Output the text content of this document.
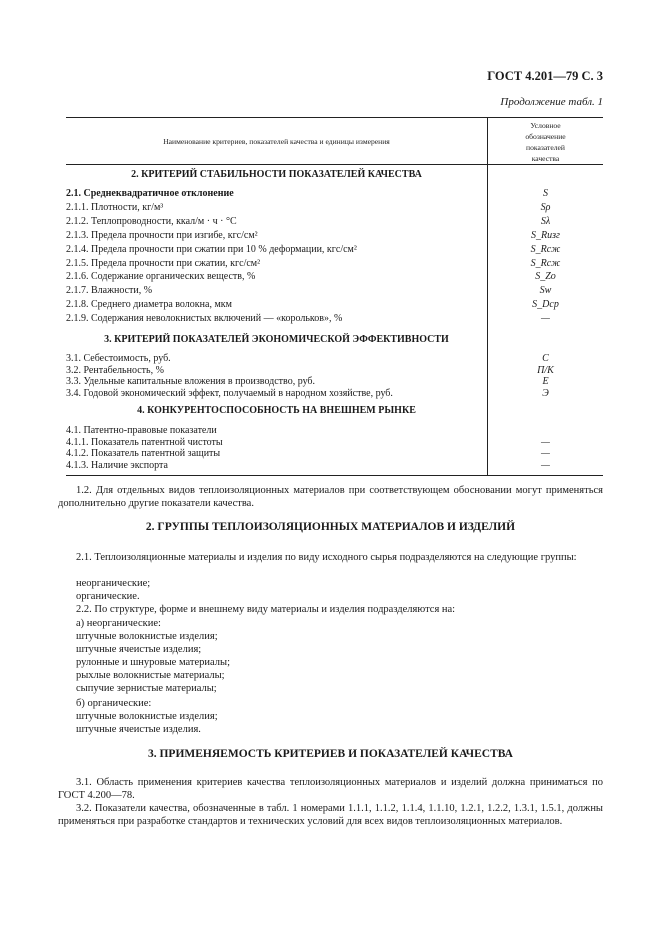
ГОСТ 4.201—79 С. 3
Продолжение табл. 1
Наименование критериев, показателей качества и единицы измерения
Условное
обозначение
показателей
качества
2. КРИТЕРИЙ СТАБИЛЬНОСТИ ПОКАЗАТЕЛЕЙ КАЧЕСТВА
2.1. Среднеквадратичное отклонение	S
2.1.1. Плотности, кг/м³	Sρ
2.1.2. Теплопроводности, ккал/м · ч · °С	Sλ
2.1.3. Предела прочности при изгибе, кгс/см²	S_Rизг
2.1.4. Предела прочности при сжатии при 10 % деформации, кгс/см²	S_Rсж
2.1.5. Предела прочности при сжатии, кгс/см²	S_Rсж
2.1.6. Содержание органических веществ, %	S_Zо
2.1.7. Влажности, %	Sw
2.1.8. Среднего диаметра волокна, мкм	S_Dср
2.1.9. Содержания неволокнистых включений — «корольков», %	—
3. КРИТЕРИЙ ПОКАЗАТЕЛЕЙ ЭКОНОМИЧЕСКОЙ ЭФФЕКТИВНОСТИ
3.1. Себестоимость, руб.	С
3.2. Рентабельность, %	П/К
3.3. Удельные капитальные вложения в производство, руб.	Е
3.4. Годовой экономический эффект, получаемый в народном хозяйстве, руб.	Э
4. КОНКУРЕНТОСПОСОБНОСТЬ НА ВНЕШНЕМ РЫНКЕ
4.1. Патентно-правовые показатели
4.1.1. Показатель патентной чистоты	—
4.1.2. Показатель патентной защиты	—
4.1.3. Наличие экспорта	—
1.2. Для отдельных видов теплоизоляционных материалов при соответствующем обосновании могут применяться дополнительно другие показатели качества.
2. ГРУППЫ ТЕПЛОИЗОЛЯЦИОННЫХ МАТЕРИАЛОВ И ИЗДЕЛИЙ
2.1. Теплоизоляционные материалы и изделия по виду исходного сырья подразделяются на следующие группы:
неорганические;
органические.
2.2. По структуре, форме и внешнему виду материалы и изделия подразделяются на:
а) неорганические:
штучные волокнистые изделия;
штучные ячеистые изделия;
рулонные и шнуровые материалы;
рыхлые волокнистые материалы;
сыпучие зернистые материалы;
б) органические:
штучные волокнистые изделия;
штучные ячеистые изделия.
3. ПРИМЕНЯЕМОСТЬ КРИТЕРИЕВ И ПОКАЗАТЕЛЕЙ КАЧЕСТВА
3.1. Область применения критериев качества теплоизоляционных материалов и изделий должна приниматься по ГОСТ 4.200—78.
3.2. Показатели качества, обозначенные в табл. 1 номерами 1.1.1, 1.1.2, 1.1.4, 1.1.10, 1.2.1, 1.2.2, 1.3.1, 1.5.1, должны применяться при разработке стандартов и технических условий для всех видов теплоизоляционных материалов.
